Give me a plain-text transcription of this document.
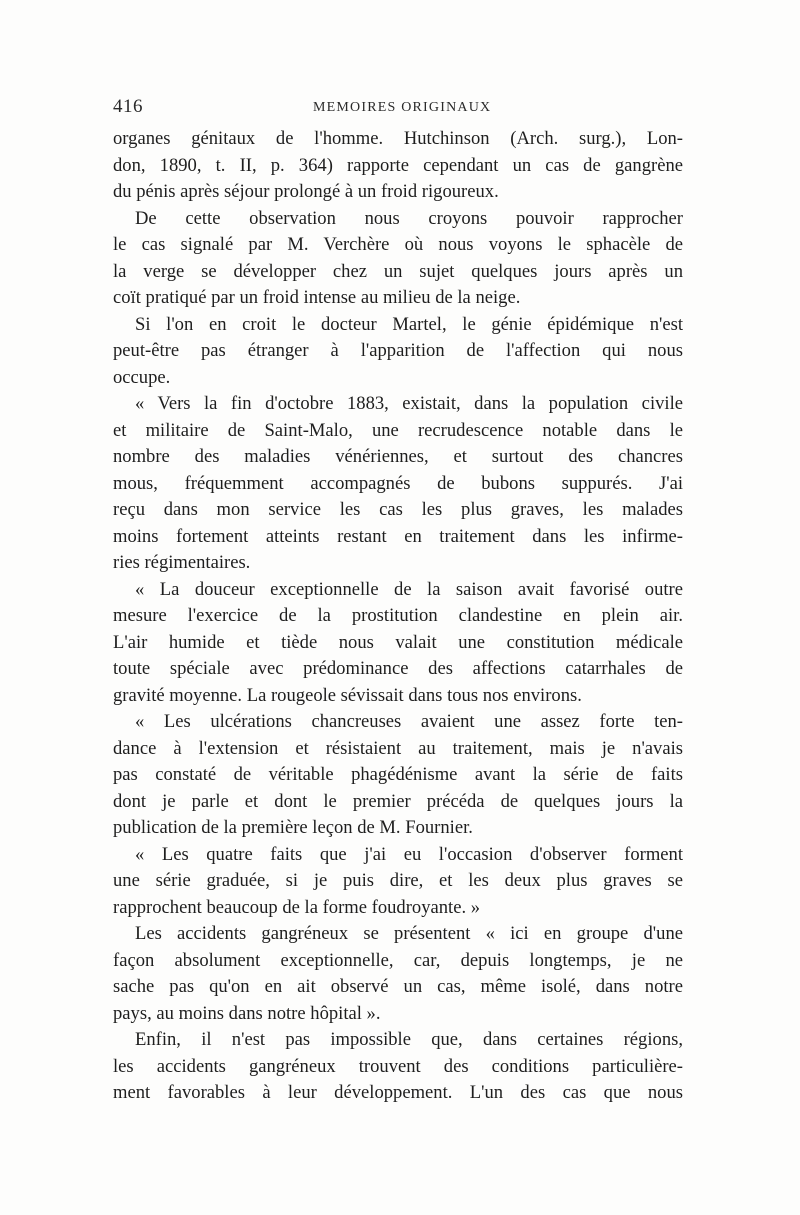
416	MEMOIRES ORIGINAUX
organes génitaux de l'homme. Hutchinson (Arch. surg.), Lon-
don, 1890, t. II, p. 364) rapporte cependant un cas de gangrène
du pénis après séjour prolongé à un froid rigoureux.
De cette observation nous croyons pouvoir rapprocher
le cas signalé par M. Verchère où nous voyons le sphacèle de
la verge se développer chez un sujet quelques jours après un
coït pratiqué par un froid intense au milieu de la neige.
Si l'on en croit le docteur Martel, le génie épidémique n'est
peut-être pas étranger à l'apparition de l'affection qui nous
occupe.
« Vers la fin d'octobre 1883, existait, dans la population civile
et militaire de Saint-Malo, une recrudescence notable dans le
nombre des maladies vénériennes, et surtout des chancres
mous, fréquemment accompagnés de bubons suppurés. J'ai
reçu dans mon service les cas les plus graves, les malades
moins fortement atteints restant en traitement dans les infirme-
ries régimentaires.
« La douceur exceptionnelle de la saison avait favorisé outre
mesure l'exercice de la prostitution clandestine en plein air.
L'air humide et tiède nous valait une constitution médicale
toute spéciale avec prédominance des affections catarrhales de
gravité moyenne. La rougeole sévissait dans tous nos environs.
« Les ulcérations chancreuses avaient une assez forte ten-
dance à l'extension et résistaient au traitement, mais je n'avais
pas constaté de véritable phagédénisme avant la série de faits
dont je parle et dont le premier précéda de quelques jours la
publication de la première leçon de M. Fournier.
« Les quatre faits que j'ai eu l'occasion d'observer forment
une série graduée, si je puis dire, et les deux plus graves se
rapprochent beaucoup de la forme foudroyante. »
Les accidents gangréneux se présentent « ici en groupe d'une
façon absolument exceptionnelle, car, depuis longtemps, je ne
sache pas qu'on en ait observé un cas, même isolé, dans notre
pays, au moins dans notre hôpital ».
Enfin, il n'est pas impossible que, dans certaines régions,
les accidents gangréneux trouvent des conditions particulière-
ment favorables à leur développement. L'un des cas que nous
